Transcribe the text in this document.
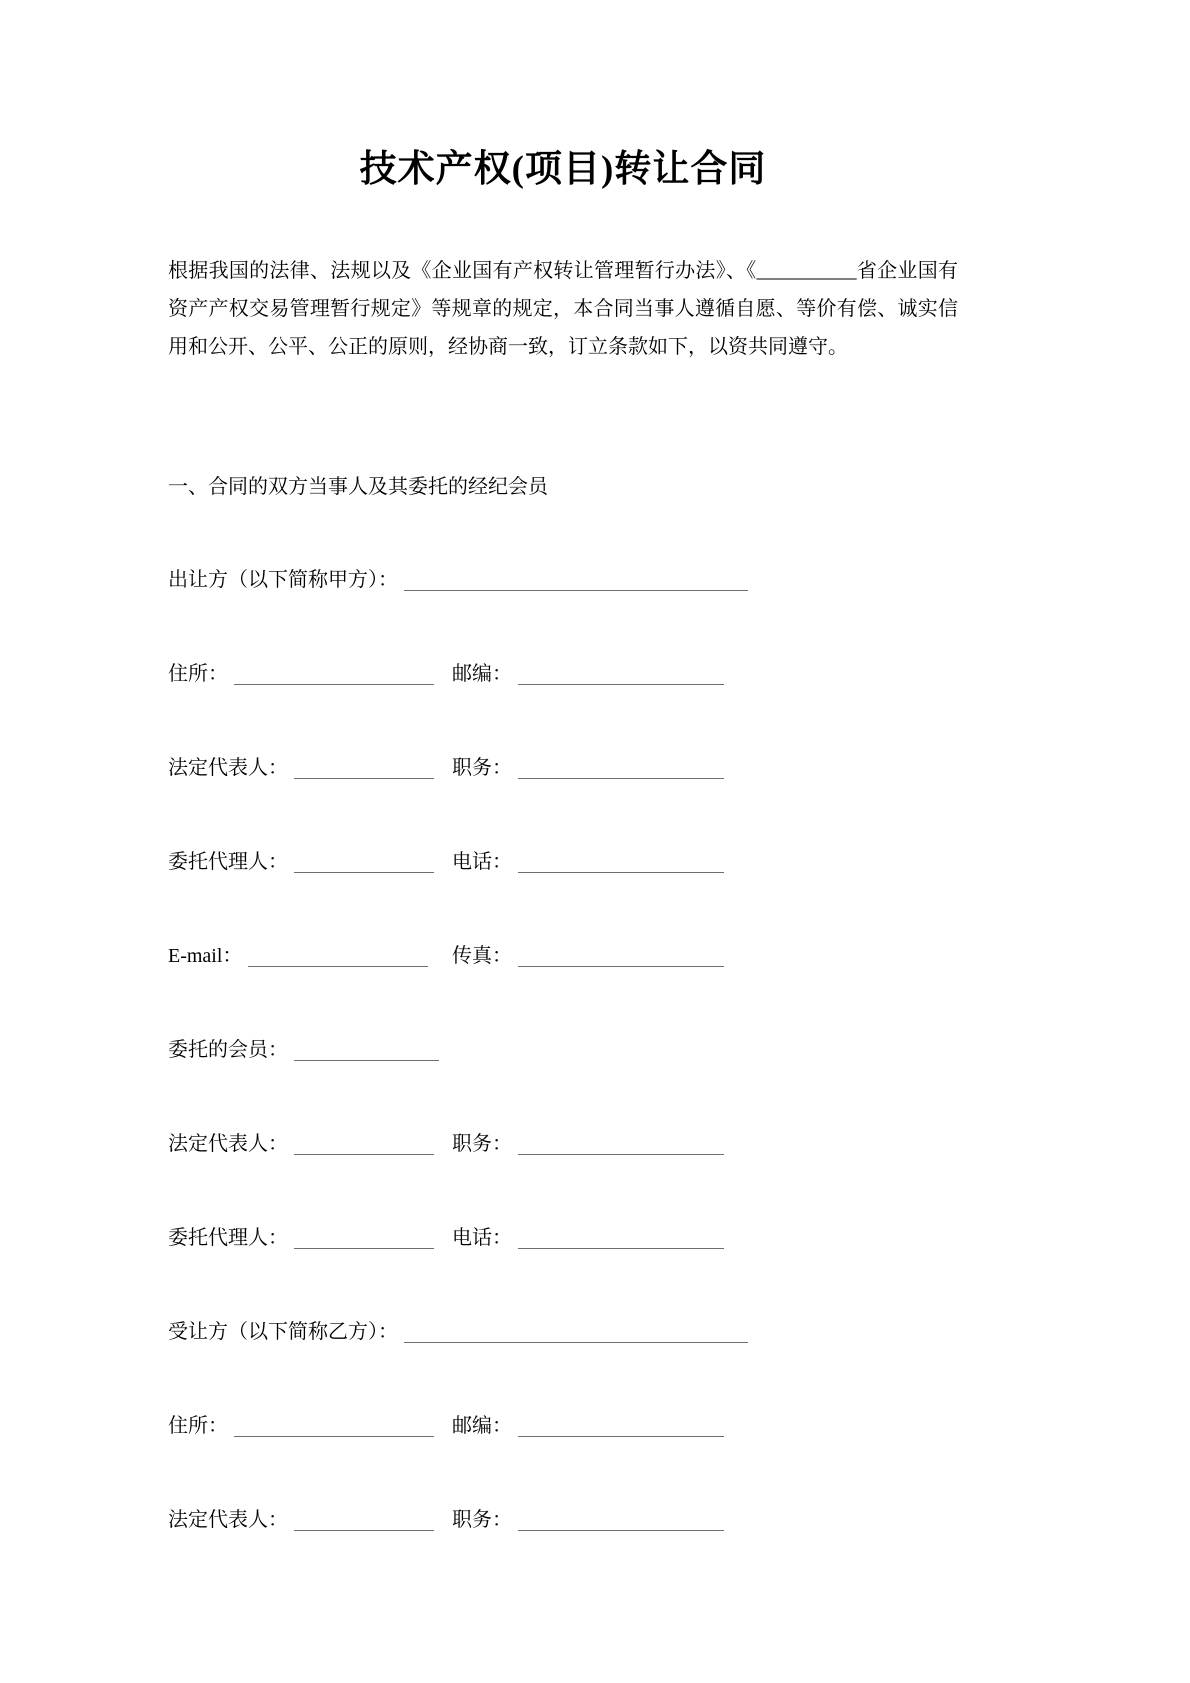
技术产权(项目)转让合同

根据我国的法律、法规以及《企业国有产权转让管理暂行办法》、《__________省企业国有资产产权交易管理暂行规定》等规章的规定，本合同当事人遵循自愿、等价有偿、诚实信用和公开、公平、公正的原则，经协商一致，订立条款如下，以资共同遵守。

一、合同的双方当事人及其委托的经纪会员
出让方（以下简称甲方）：
住所：	邮编：
法定代表人：	职务：
委托代理人：	电话：
E-mail：	传真：
委托的会员：
法定代表人：	职务：
委托代理人：	电话：
受让方（以下简称乙方）：
住所：	邮编：
法定代表人：	职务：
